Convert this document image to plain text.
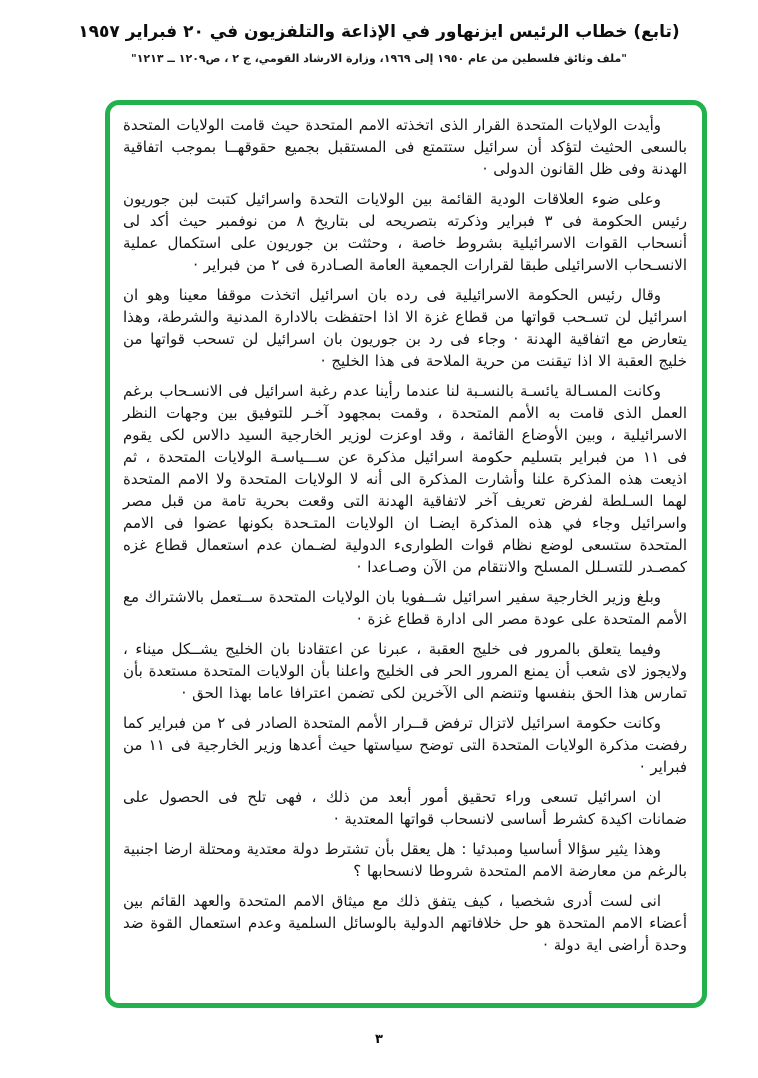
(تابع) خطاب الرئيس ايزنهاور في الإذاعة والتلفزيون في ٢٠ فبراير ١٩٥٧
"ملف وثائق فلسطين من عام ١٩٥٠ إلى ١٩٦٩، وزارة الارشاد القومي، ج ٢ ، ص١٢٠٩ ــ ١٢١٣"

وأيدت الولايات المتحدة القرار الذى اتخذته الامم المتحدة حيث قامت الولايات المتحدة بالسعى الحثيث لتؤكد أن سرائيل ستتمتع فى المستقبل بجميع حقوقهــا بموجب اتفاقية الهدنة وفى ظل القانون الدولى ·

وعلى ضوء العلاقات الودية القائمة بين الولايات التحدة واسرائيل كتبت لبن جوريون رئيس الحكومة فى ٣ فبراير وذكرته بتصريحه لى بتاريخ ٨ من نوفمبر حيث أكد لى أنسحاب القوات الاسرائيلية بشروط خاصة ، وحثثت بن جوريون على استكمال عملية الانسـحاب الاسرائيلى طبقا لقرارات الجمعية العامة الصـادرة فى ٢ من فبراير ·

وقال رئيس الحكومة الاسرائيلية فى رده بان اسرائيل اتخذت موقفا معينا وهو ان اسرائيل لن تسـحب قواتها من قطاع غزة الا اذا احتفظت بالادارة المدنية والشرطة، وهذا يتعارض مع اتفاقية الهدنة · وجاء فى رد بن جوريون بان اسرائيل لن تسحب قواتها من خليج العقبة الا اذا تيقنت من حرية الملاحة فى هذا الخليج ·

وكانت المسـالة يائسـة بالنسـبة لنا عندما رأينا عدم رغبة اسرائيل فى الانسـحاب برغم العمل الذى قامت به الأمم المتحدة ، وقمت بمجهود آخـر للتوفيق بين وجهات النظر الاسرائيلية ، وبين الأوضاع القائمة ، وقد اوعزت لوزير الخارجية السيد دالاس لكى يقوم فى ١١ من فبراير بتسليم حكومة اسرائيل مذكرة عن ســـياسـة الولايات المتحدة ، ثم اذيعت هذه المذكرة علنا وأشارت المذكرة الى أنه لا الولايات المتحدة ولا الامم المتحدة لهما السـلطة لفرض تعريف آخر لاتفاقية الهدنة التى وقعت بحرية تامة من قبل مصر واسرائيل وجاء في هذه المذكرة ايضـا ان الولايات المتـحدة بكونها عضوا فى الامم المتحدة ستسعى لوضع نظام قوات الطوارىء الدولية لضـمان عدم استعمال قطاع غزه كمصـدر للتسـلل المسلح والانتقام من الآن وصـاعدا ·

وبلغ وزير الخارجية سفير اسرائيل شــفويا بان الولايات المتحدة ســتعمل بالاشتراك مع الأمم المتحدة على عودة مصر الى ادارة قطاع غزة ·

وفيما يتعلق بالمرور فى خليج العقبة ، عبرنا عن اعتقادنا بان الخليج يشــكل ميناء ، ولايجوز لاى شعب أن يمنع المرور الحر فى الخليج واعلنا بأن الولايات المتحدة مستعدة بأن تمارس هذا الحق بنفسها وتنضم الى الآخرين لكى تضمن اعترافا عاما بهذا الحق ·

وكانت حكومة اسرائيل لاتزال ترفض قــرار الأمم المتحدة الصادر فى ٢ من فبراير كما رفضت مذكرة الولايات المتحدة التى توضح سياستها حيث أعدها وزير الخارجية فى ١١ من فبراير ·

ان اسرائيل تسعى وراء تحقيق أمور أبعد من ذلك ، فهى تلح فى الحصول على ضمانات اكيدة كشرط أساسى لانسحاب قواتها المعتدية ·

وهذا يثير سؤالا أساسيا ومبدئيا : هل يعقل بأن تشترط دولة معتدية ومحتلة ارضا اجنبية بالرغم من معارضة الامم المتحدة شروطا لانسحابها ؟

انى لست أدرى شخصيا ، كيف يتفق ذلك مع ميثاق الامم المتحدة والعهد القائم بين أعضاء الامم المتحدة هو حل خلافاتهم الدولية بالوسائل السلمية وعدم استعمال القوة ضد وحدة أراضى اية دولة ·

٣
